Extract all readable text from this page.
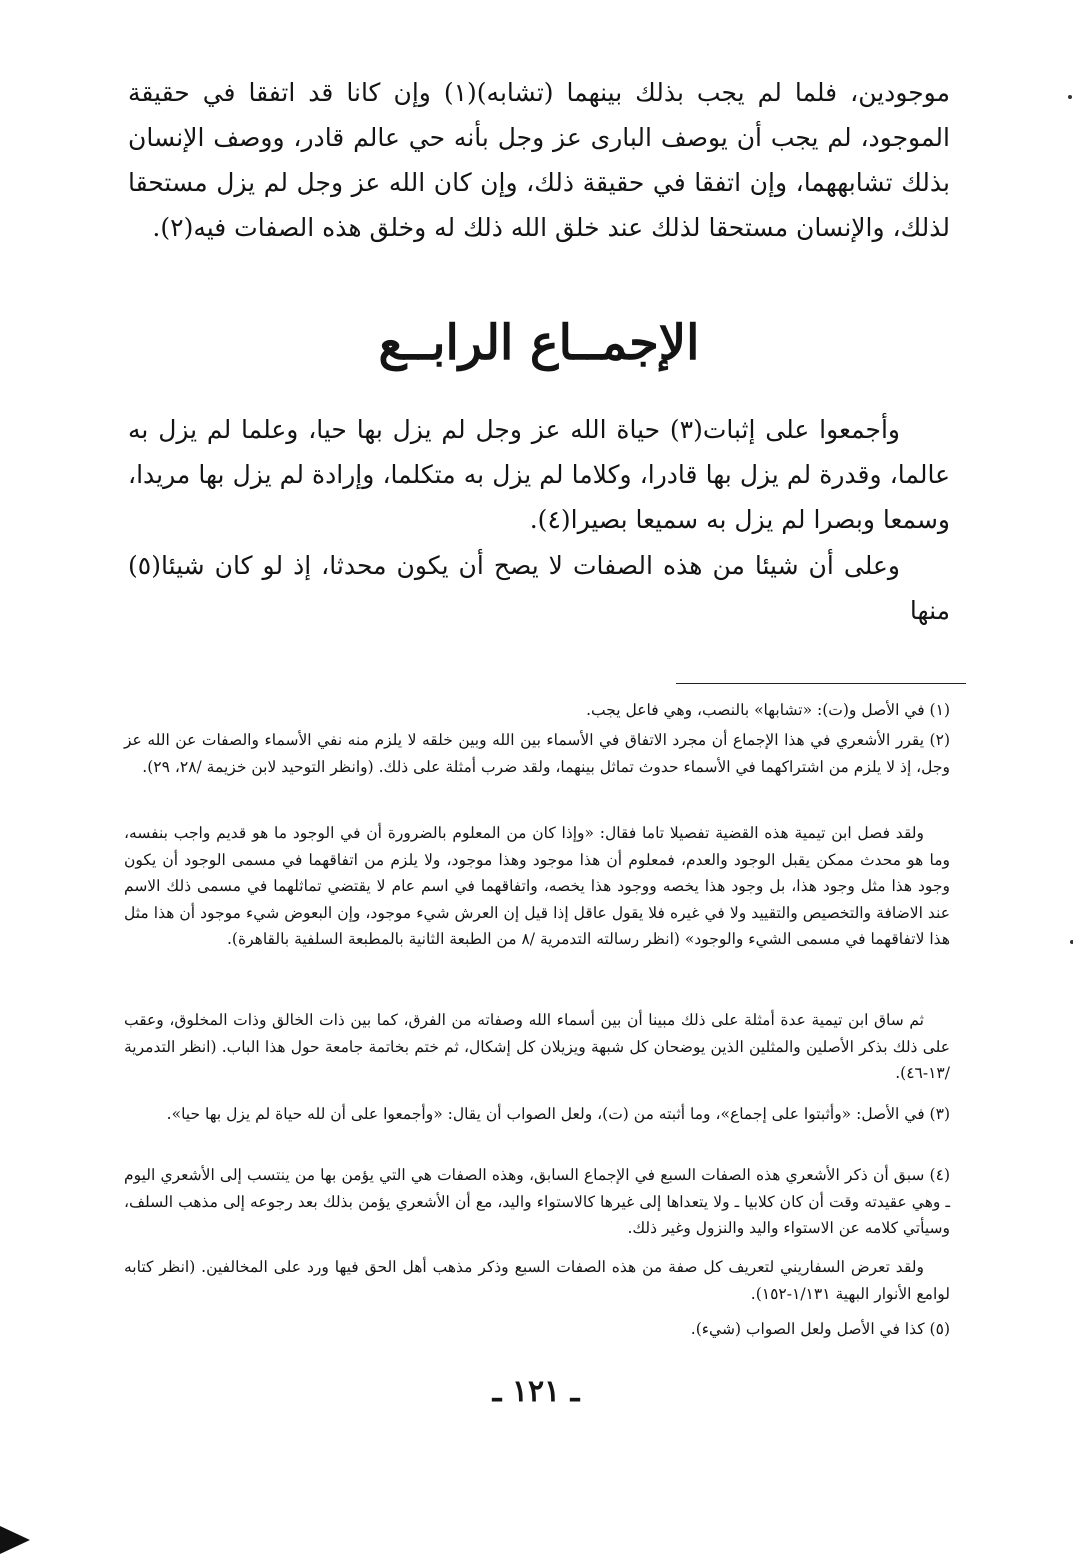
موجودين، فلما لم يجب بذلك بينهما (تشابه)(١) وإن كانا قد اتفقا في حقيقة الموجود، لم يجب أن يوصف البارى عز وجل بأنه حي عالم قادر، ووصف الإنسان بذلك تشابههما، وإن اتفقا في حقيقة ذلك، وإن كان الله عز وجل لم يزل مستحقا لذلك، والإنسان مستحقا لذلك عند خلق الله ذلك له وخلق هذه الصفات فيه(٢).
الإجمــاع الرابــع
وأجمعوا على إثبات(٣) حياة الله عز وجل لم يزل بها حيا، وعلما لم يزل به عالما، وقدرة لم يزل بها قادرا، وكلاما لم يزل به متكلما، وإرادة لم يزل بها مريدا، وسمعا وبصرا لم يزل به سميعا بصيرا(٤).
وعلى أن شيئا من هذه الصفات لا يصح أن يكون محدثا، إذ لو كان شيئا(٥) منها

(١) في الأصل و(ت): «تشابها» بالنصب، وهي فاعل يجب.

(٢) يقرر الأشعري في هذا الإجماع أن مجرد الاتفاق في الأسماء بين الله وبين خلقه لا يلزم منه نفي الأسماء والصفات عن الله عز وجل، إذ لا يلزم من اشتراكهما في الأسماء حدوث تماثل بينهما، ولقد ضرب أمثلة على ذلك. (وانظر التوحيد لابن خزيمة /٢٨، ٢٩).

ولقد فصل ابن تيمية هذه القضية تفصيلا تاما فقال: «وإذا كان من المعلوم بالضرورة أن في الوجود ما هو قديم واجب بنفسه، وما هو محدث ممكن يقبل الوجود والعدم، فمعلوم أن هذا موجود وهذا موجود، ولا يلزم من اتفاقهما في مسمى الوجود أن يكون وجود هذا مثل وجود هذا، بل وجود هذا يخصه ووجود هذا يخصه، واتفاقهما في اسم عام لا يقتضي تماثلهما في مسمى ذلك الاسم عند الاضافة والتخصيص والتقييد ولا في غيره فلا يقول عاقل إذا قيل إن العرش شيء موجود، وإن البعوض شيء موجود أن هذا مثل هذا لاتفاقهما في مسمى الشيء والوجود» (انظر رسالته التدمرية /٨ من الطبعة الثانية بالمطبعة السلفية بالقاهرة).

ثم ساق ابن تيمية عدة أمثلة على ذلك مبينا أن بين أسماء الله وصفاته من الفرق، كما بين ذات الخالق وذات المخلوق، وعقب على ذلك بذكر الأصلين والمثلين الذين يوضحان كل شبهة ويزيلان كل إشكال، ثم ختم بخاتمة جامعة حول هذا الباب. (انظر التدمرية /١٣-٤٦).

(٣) في الأصل: «وأثبتوا على إجماع»، وما أثبته من (ت)، ولعل الصواب أن يقال: «وأجمعوا على أن لله حياة لم يزل بها حيا».

(٤) سبق أن ذكر الأشعري هذه الصفات السبع في الإجماع السابق، وهذه الصفات هي التي يؤمن بها من ينتسب إلى الأشعري اليوم ـ وهي عقيدته وقت أن كان كلابيا ـ ولا يتعداها إلى غيرها كالاستواء واليد، مع أن الأشعري يؤمن بذلك بعد رجوعه إلى مذهب السلف، وسيأتي كلامه عن الاستواء واليد والنزول وغير ذلك.

ولقد تعرض السفاريني لتعريف كل صفة من هذه الصفات السبع وذكر مذهب أهل الحق فيها ورد على المخالفين. (انظر كتابه لوامع الأنوار البهية ١/١٣١-١٥٢).

(٥) كذا في الأصل ولعل الصواب (شيء).

ـ ١٢١ ـ
